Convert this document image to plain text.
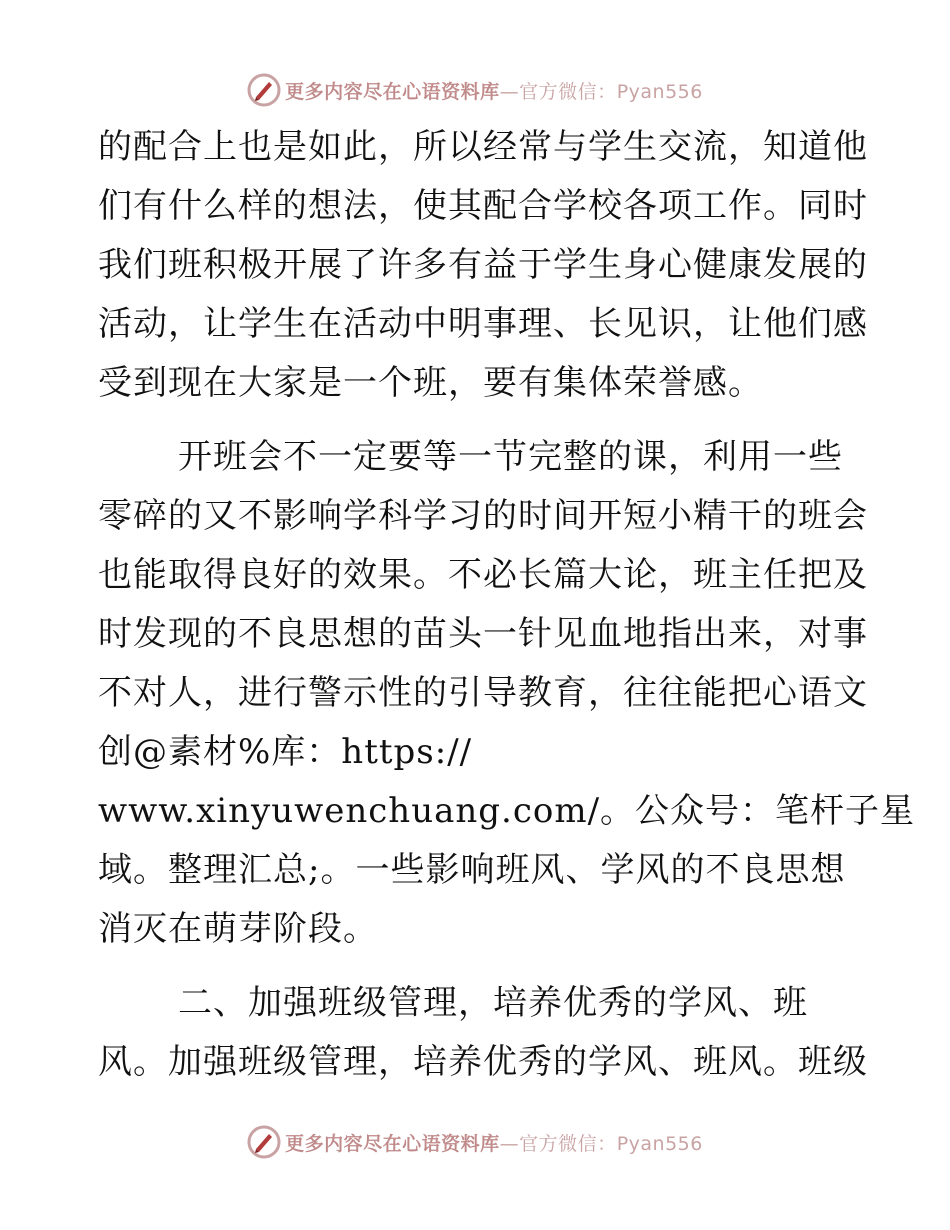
更多内容尽在心语资料库—官方微信：Pyan556
的配合上也是如此，所以经常与学生交流，知道他
们有什么样的想法，使其配合学校各项工作。同时
我们班积极开展了许多有益于学生身心健康发展的
活动，让学生在活动中明事理、长见识，让他们感
受到现在大家是一个班，要有集体荣誉感。
开班会不一定要等一节完整的课，利用一些
零碎的又不影响学科学习的时间开短小精干的班会
也能取得良好的效果。不必长篇大论，班主任把及
时发现的不良思想的苗头一针见血地指出来，对事
不对人，进行警示性的引导教育，往往能把心语文
创@素材%库：https://
www.xinyuwenchuang.com/。公众号：笔杆子星
域。整理汇总;。一些影响班风、学风的不良思想
消灭在萌芽阶段。
二、加强班级管理，培养优秀的学风、班
风。加强班级管理，培养优秀的学风、班风。班级
更多内容尽在心语资料库—官方微信：Pyan556
